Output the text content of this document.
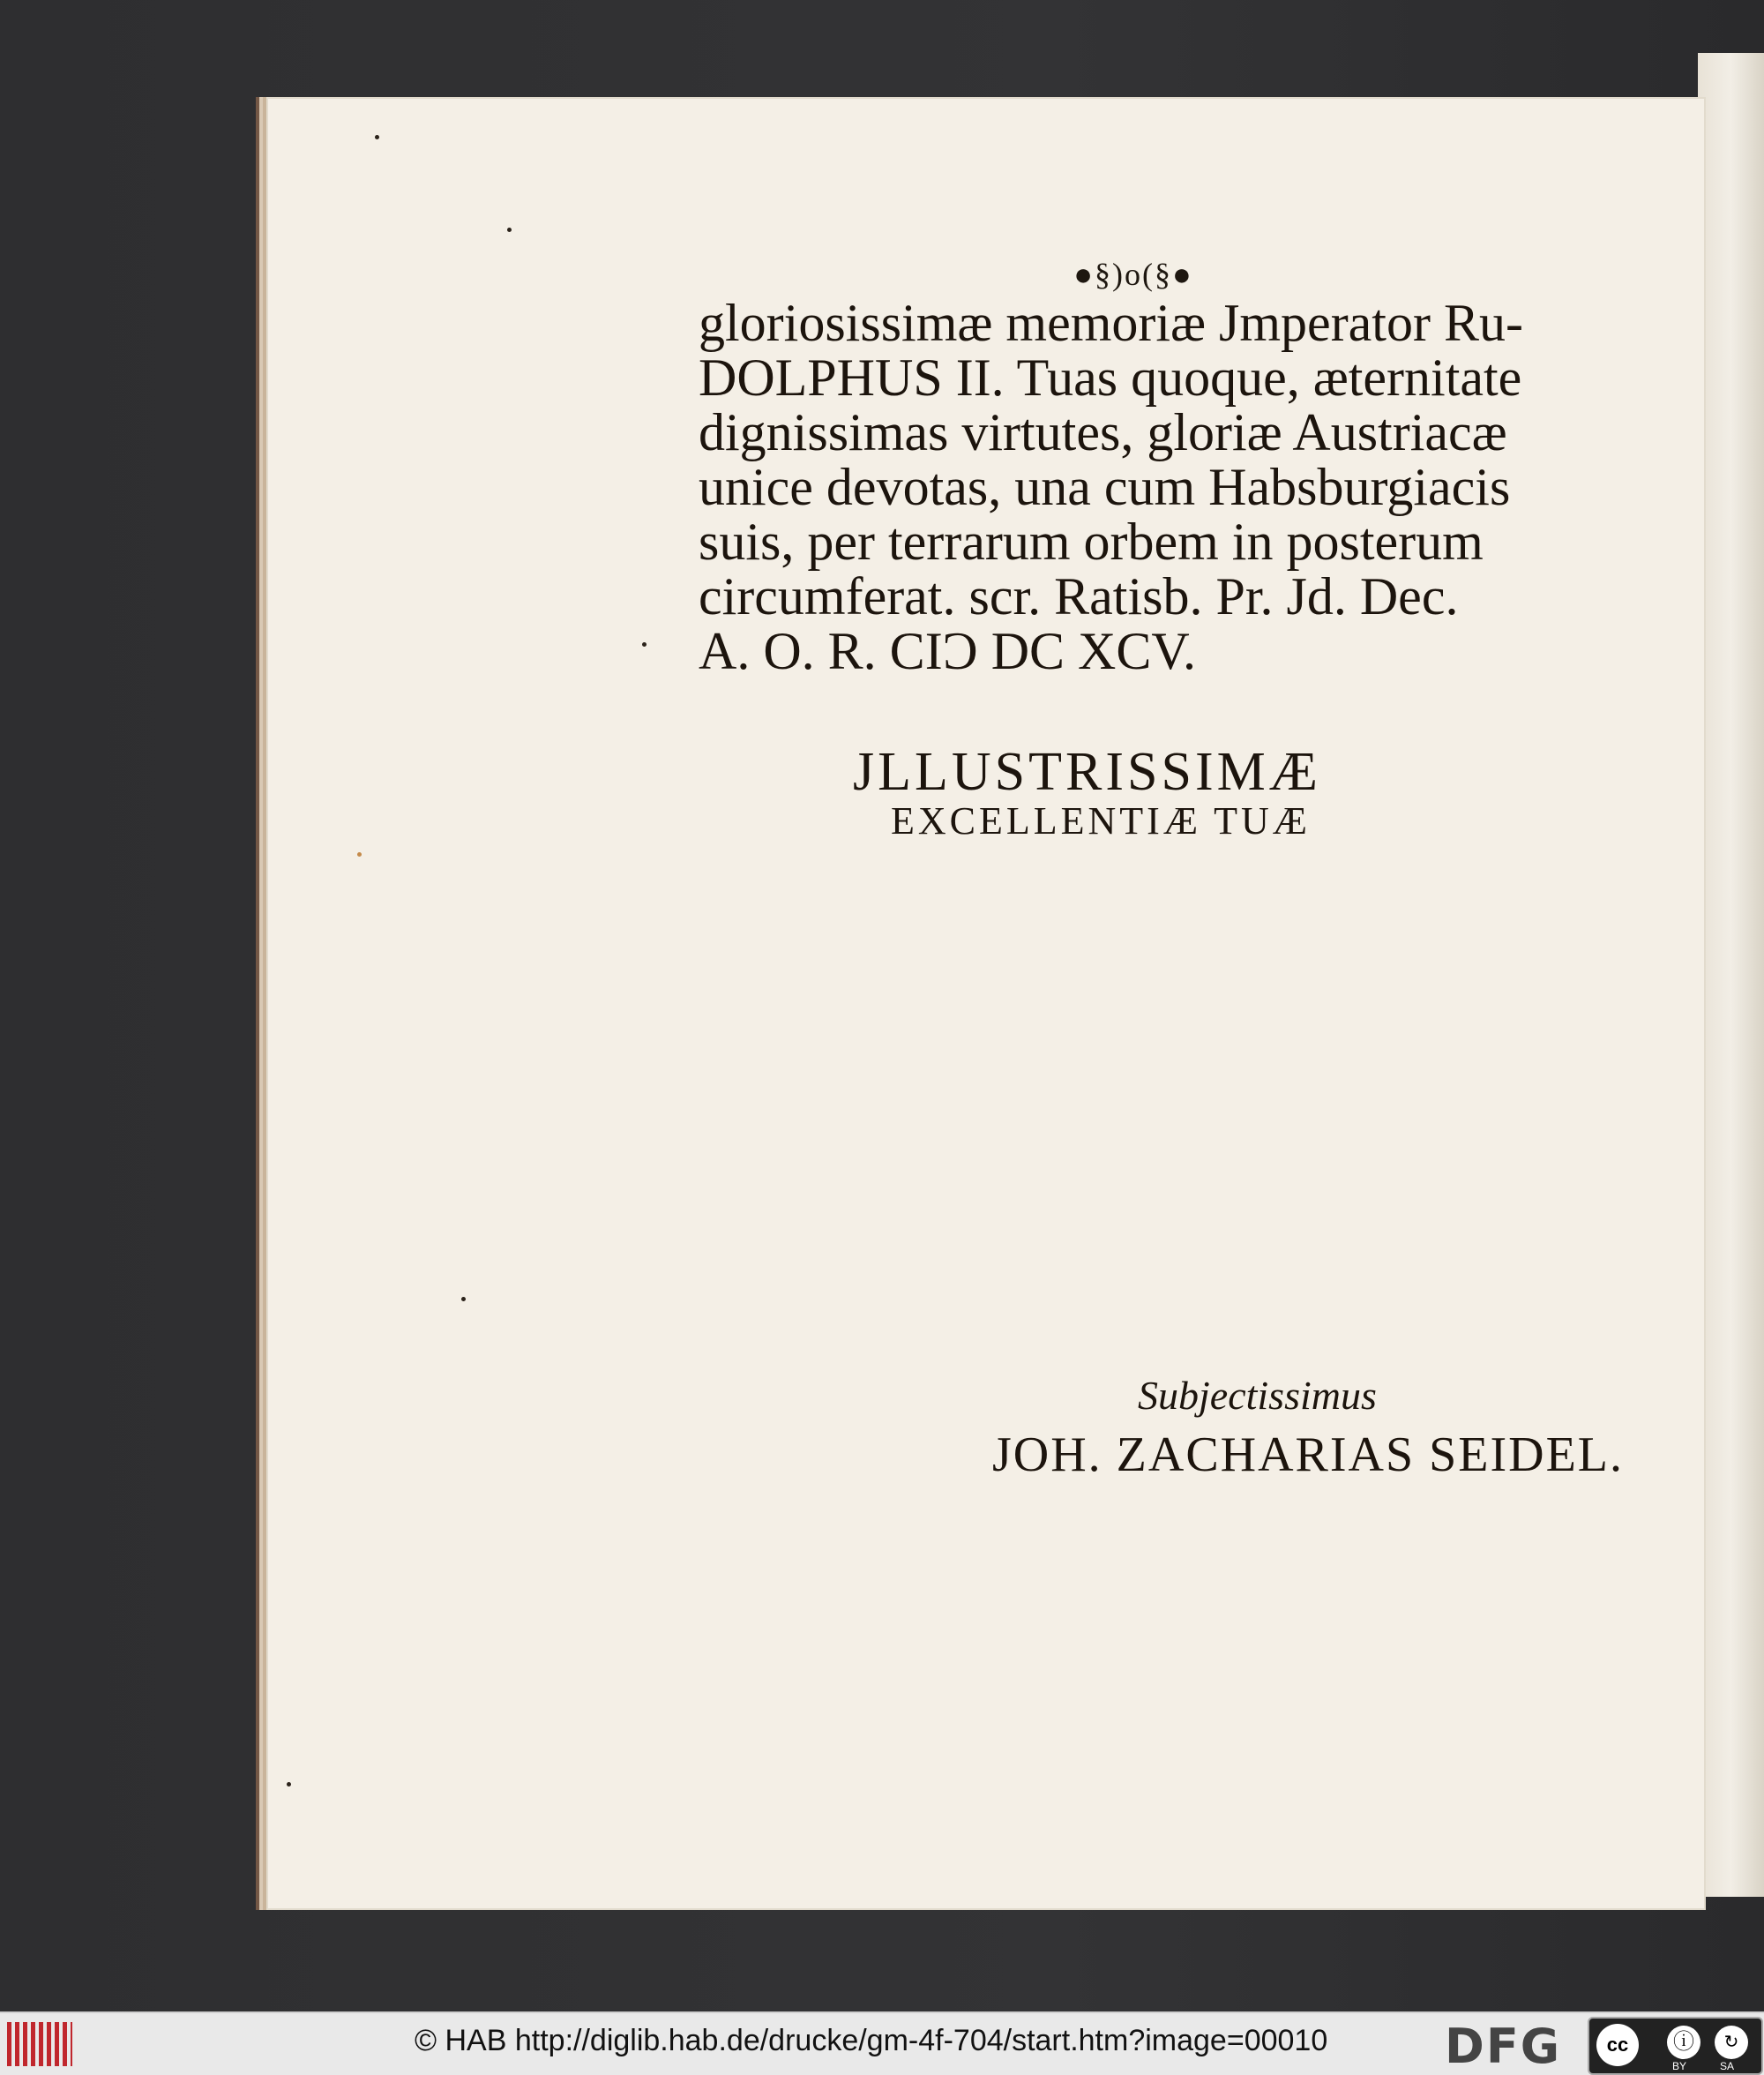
●§)o(§●
gloriosissimæ memoriæ Jmperator Ru-
DOLPHUS II. Tuas quoque, æternitate
dignissimas virtutes, gloriæ Austriacæ
unice devotas, una cum Habsburgiacis
suis, per terrarum orbem in posterum
circumferat. scr. Ratisb. Pr. Jd. Dec.
A. O. R. CIƆ DC XCV.
JLLUSTRISSIMÆ
EXCELLENTIÆ TUÆ
Subjectissimus
JOH. ZACHARIAS SEIDEL.
© HAB http://diglib.hab.de/drucke/gm-4f-704/start.htm?image=00010 DFG	cc	ⓘ	↻
BY	SA
